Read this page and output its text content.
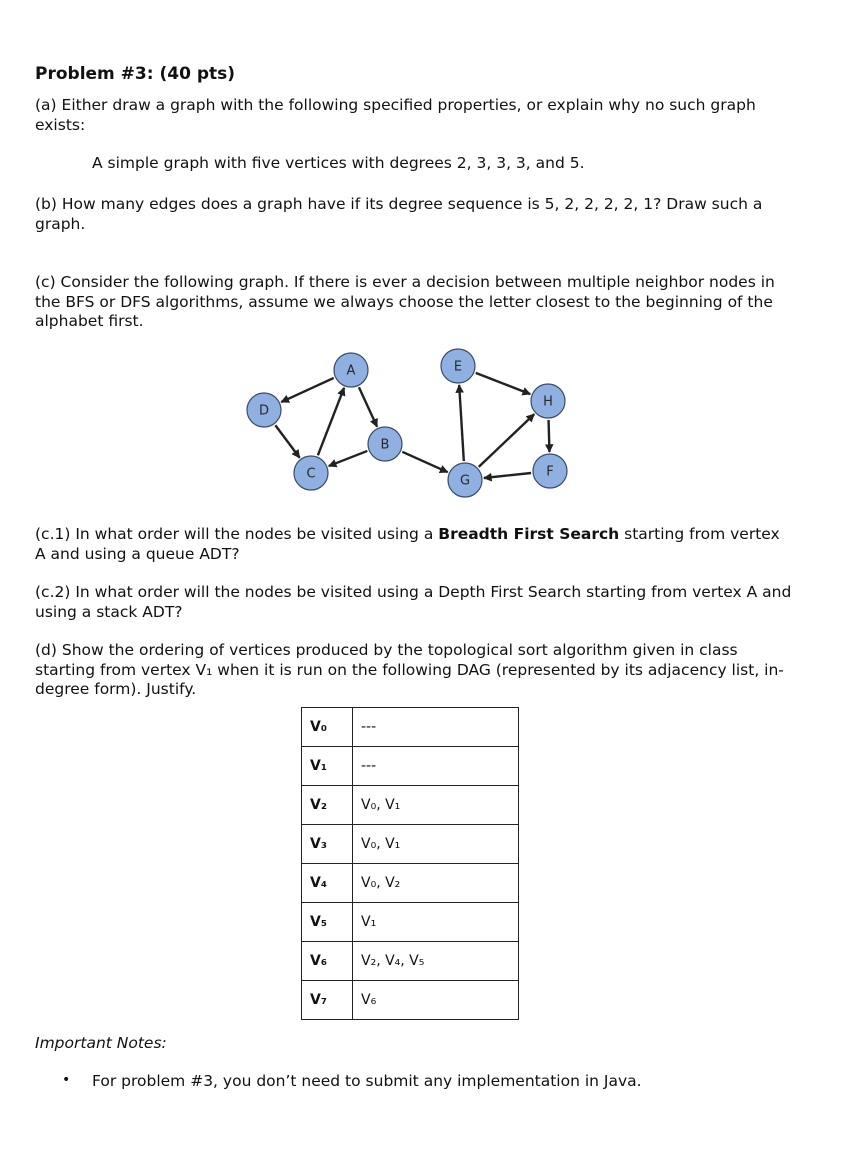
Problem #3: (40 pts)
(a) Either draw a graph with the following specified properties, or explain why no such graph exists:
A simple graph with five vertices with degrees 2, 3, 3, 3, and 5.
(b) How many edges does a graph have if its degree sequence is 5, 2, 2, 2, 2, 1? Draw such a graph.
(c) Consider the following graph. If there is ever a decision between multiple neighbor nodes in the BFS or DFS algorithms, assume we always choose the letter closest to the beginning of the alphabet first.
A
B
C
D
E
F
G
H
(c.1) In what order will the nodes be visited using a Breadth First Search starting from vertex A and using a queue ADT?
(c.2) In what order will the nodes be visited using a Depth First Search starting from vertex A and using a stack ADT?
(d) Show the ordering of vertices produced by the topological sort algorithm given in class starting from vertex V₁ when it is run on the following DAG (represented by its adjacency list, in-degree form). Justify.
V₀	---
V₁	---
V₂	V₀, V₁
V₃	V₀, V₁
V₄	V₀, V₂
V₅	V₁
V₆	V₂, V₄, V₅
V₇	V₆
Important Notes:
• For problem #3, you don’t need to submit any implementation in Java.
